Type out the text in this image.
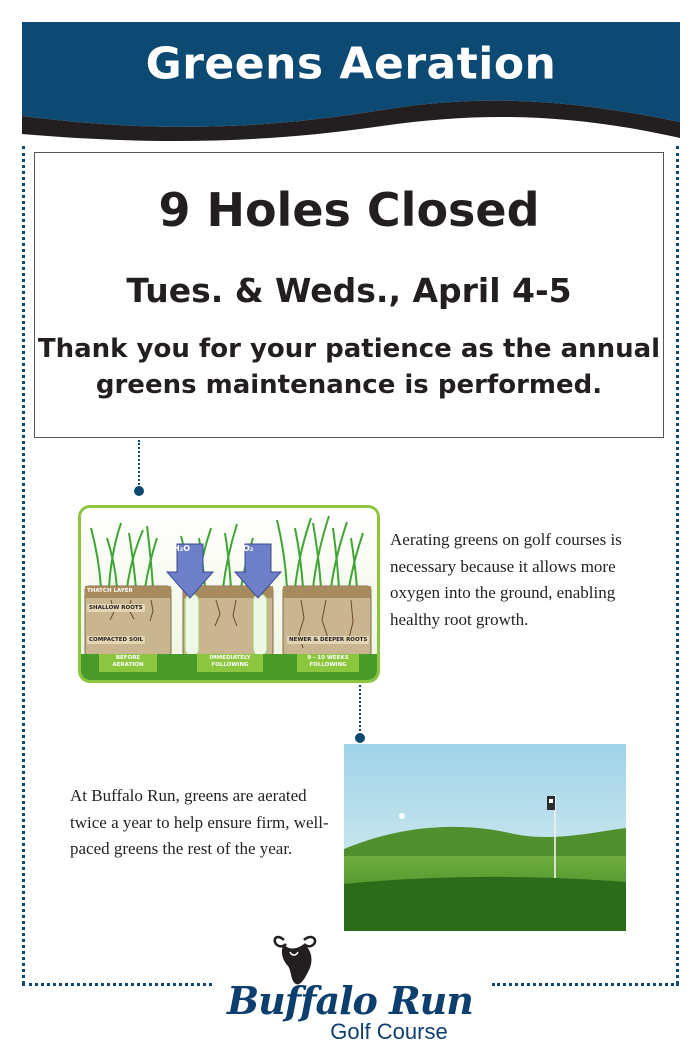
Greens Aeration
9 Holes Closed
Tues. & Weds., April 4-5

Thank you for your patience as the annual greens maintenance is performed.

H₂O	O₂
THATCH LAYER
SHALLOW ROOTS
COMPACTED SOIL	NEWER & DEEPER ROOTS
BEFORE
AERATION
IMMEDIATELY
FOLLOWING
9 - 10 WEEKS
FOLLOWING
Aerating greens on golf courses is necessary because it allows more oxygen into the ground, enabling healthy root growth.
At Buffalo Run, greens are aerated twice a year to help ensure firm, well-paced greens the rest of the year.
Buffalo Run
Golf Course
